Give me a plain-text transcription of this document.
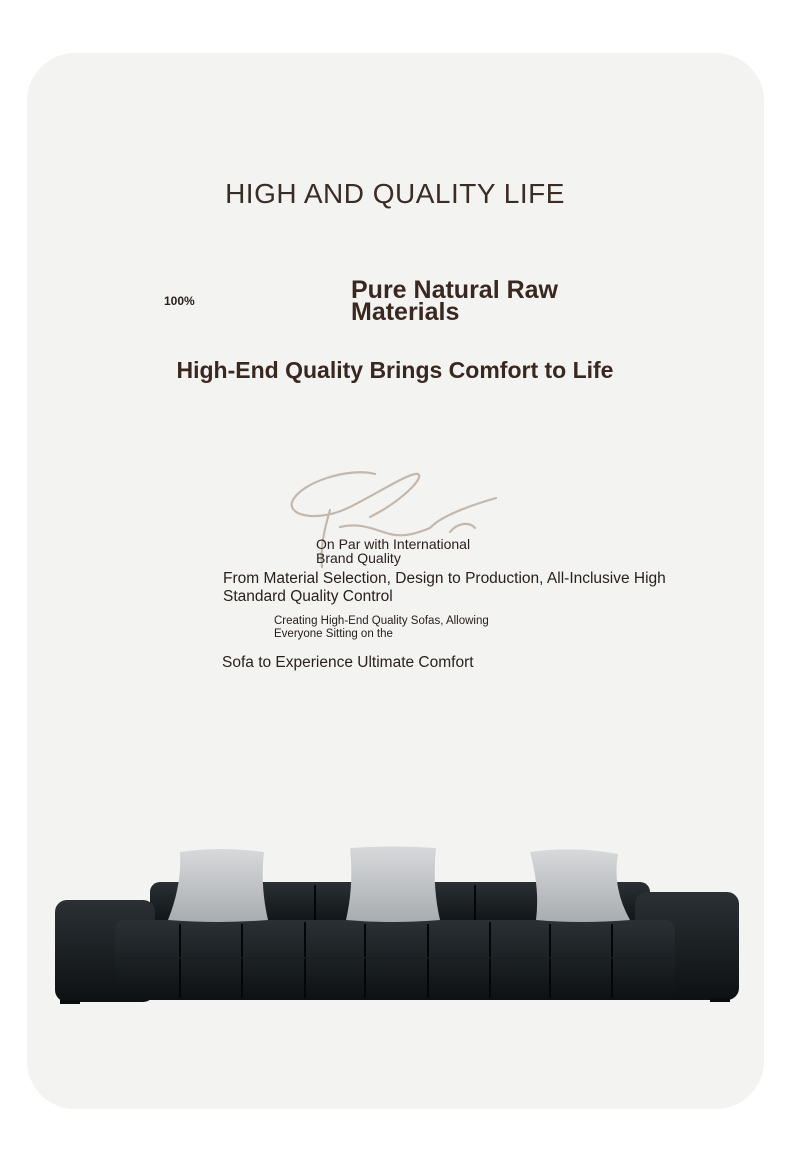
HIGH AND QUALITY LIFE
100%	Pure Natural Raw Materials
High-End Quality Brings Comfort to Life
On Par with International Brand Quality
From Material Selection, Design to Production, All-Inclusive High Standard Quality Control
Creating High-End Quality Sofas, Allowing Everyone Sitting on the
Sofa to Experience Ultimate Comfort
